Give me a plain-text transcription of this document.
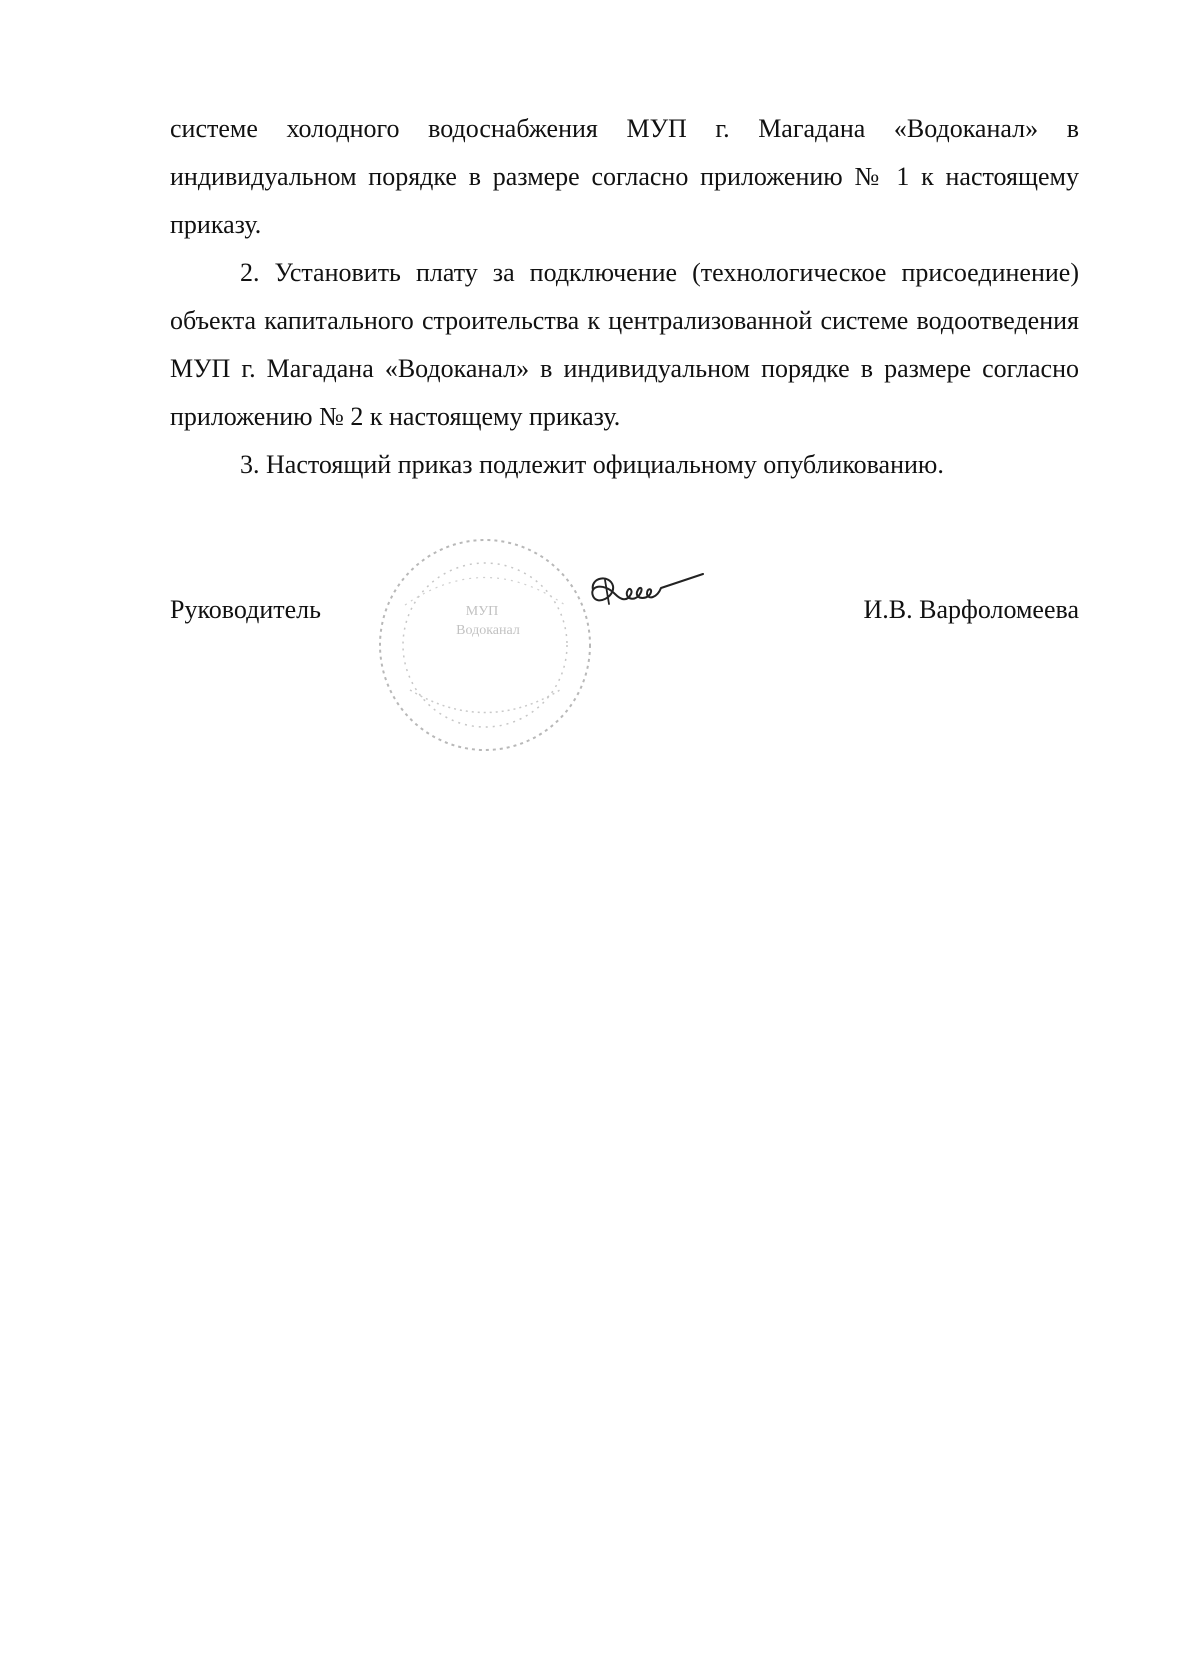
системе холодного водоснабжения МУП г. Магадана «Водоканал» в индивидуальном порядке в размере согласно приложению № 1 к настоящему приказу.

2. Установить плату за подключение (технологическое присоединение) объекта капитального строительства к централизованной системе водоотведения МУП г. Магадана «Водоканал» в индивидуальном порядке в размере согласно приложению № 2 к настоящему приказу.

3. Настоящий приказ подлежит официальному опубликованию.

МУП
Водоканал
Руководитель	И.В. Варфоломеева
